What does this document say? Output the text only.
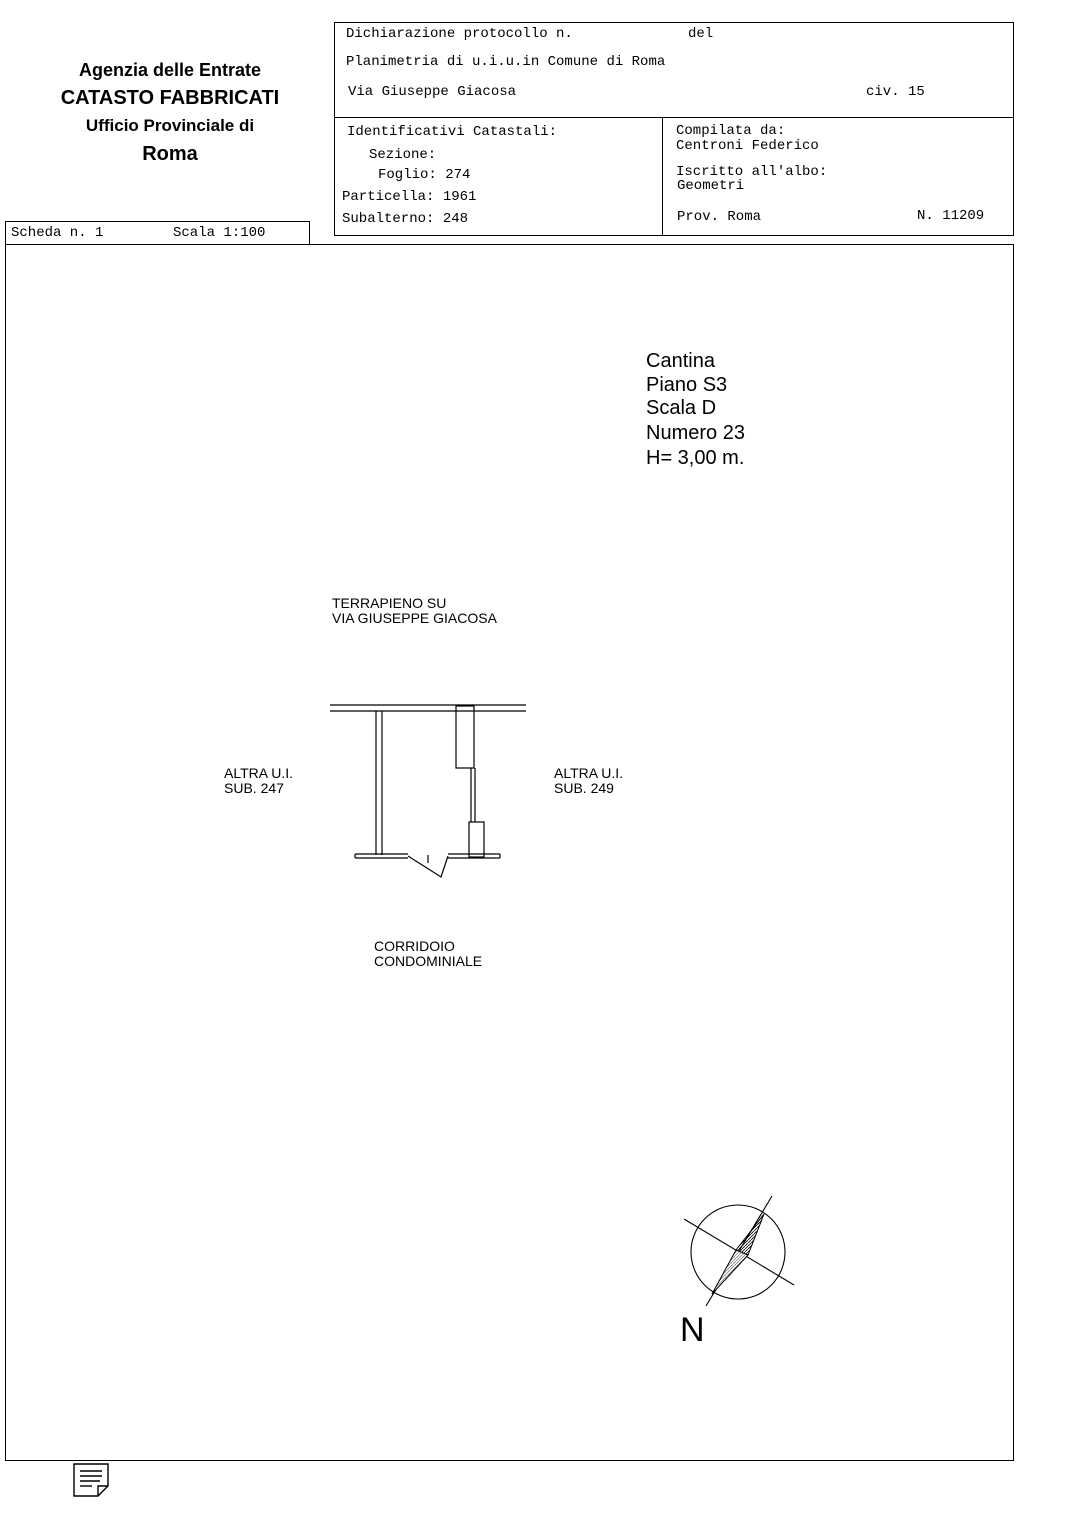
Agenzia delle Entrate
CATASTO FABBRICATI
Ufficio Provinciale di
Roma
Dichiarazione protocollo n.	del
Planimetria di u.i.u.in Comune di Roma
Via Giuseppe Giacosa	civ. 15
Identificativi Catastali:
Sezione:
Foglio: 274
Particella: 1961
Subalterno: 248
Compilata da:
Centroni Federico
Iscritto all'albo:
Geometri
Prov. Roma	N. 11209
Scheda n. 1	Scala 1:100
Cantina
Piano S3
Scala D
Numero 23
H= 3,00 m.
TERRAPIENO SU
VIA GIUSEPPE GIACOSA
ALTRA U.I.
SUB. 247
ALTRA U.I.
SUB. 249
CORRIDOIO
CONDOMINIALE
N
